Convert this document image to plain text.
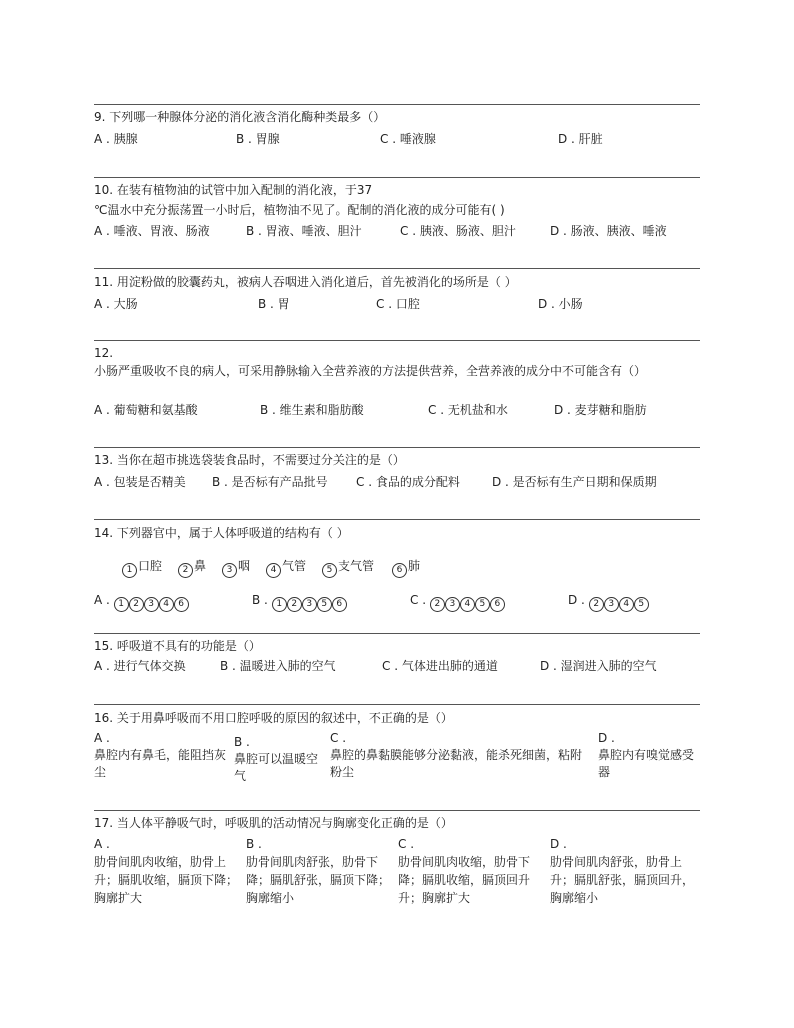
9. 下列哪一种腺体分泌的消化液含消化酶种类最多（）
A . 胰腺	B . 胃腺	C . 唾液腺	D . 肝脏
10. 在装有植物油的试管中加入配制的消化液，于37
℃温水中充分振荡置一小时后，植物油不见了。配制的消化液的成分可能有( )
A . 唾液、胃液、肠液	B . 胃液、唾液、胆汁	C . 胰液、肠液、胆汁	D . 肠液、胰液、唾液
11. 用淀粉做的胶囊药丸，被病人吞咽进入消化道后，首先被消化的场所是（ ）
A . 大肠	B . 胃	C . 口腔	D . 小肠
12.
小肠严重吸收不良的病人，可采用静脉输入全营养液的方法提供营养，全营养液的成分中不可能含有（）
A . 葡萄糖和氨基酸	B . 维生素和脂肪酸	C . 无机盐和水	D . 麦芽糖和脂肪
13. 当你在超市挑选袋装食品时，不需要过分关注的是（）
A . 包装是否精美 B . 是否标有产品批号 C . 食品的成分配料	D . 是否标有生产日期和保质期
14. 下列器官中，属于人体呼吸道的结构有（ ）
1 口腔	2 鼻	3 咽	4 气管	5 支气管	6 肺
A . 1 2 3 4 6	B . 1 2 3 5 6	C . 2 3 4 5 6	D . 2 3 4 5
15. 呼吸道不具有的功能是（）
A . 进行气体交换	B . 温暖进入肺的空气	C . 气体进出肺的通道	D . 湿润进入肺的空气
16. 关于用鼻呼吸而不用口腔呼吸的原因的叙述中，不正确的是（）
A .
鼻腔内有鼻毛，能阻挡灰尘
B .
鼻腔可以温暖空气
C .
鼻腔的鼻黏膜能够分泌黏液，能杀死细菌，粘附粉尘
D .
鼻腔内有嗅觉感受器
17. 当人体平静吸气时，呼吸肌的活动情况与胸廓变化正确的是（）
A .
肋骨间肌肉收缩，肋骨上升；膈肌收缩，膈顶下降；胸廓扩大
B .
肋骨间肌肉舒张，肋骨下降；膈肌舒张，膈顶下降；胸廓缩小
C .
肋骨间肌肉收缩，肋骨下降；膈肌收缩，膈顶回升升；胸廓扩大
D .
肋骨间肌肉舒张，肋骨上升；膈肌舒张，膈顶回升，胸廓缩小
